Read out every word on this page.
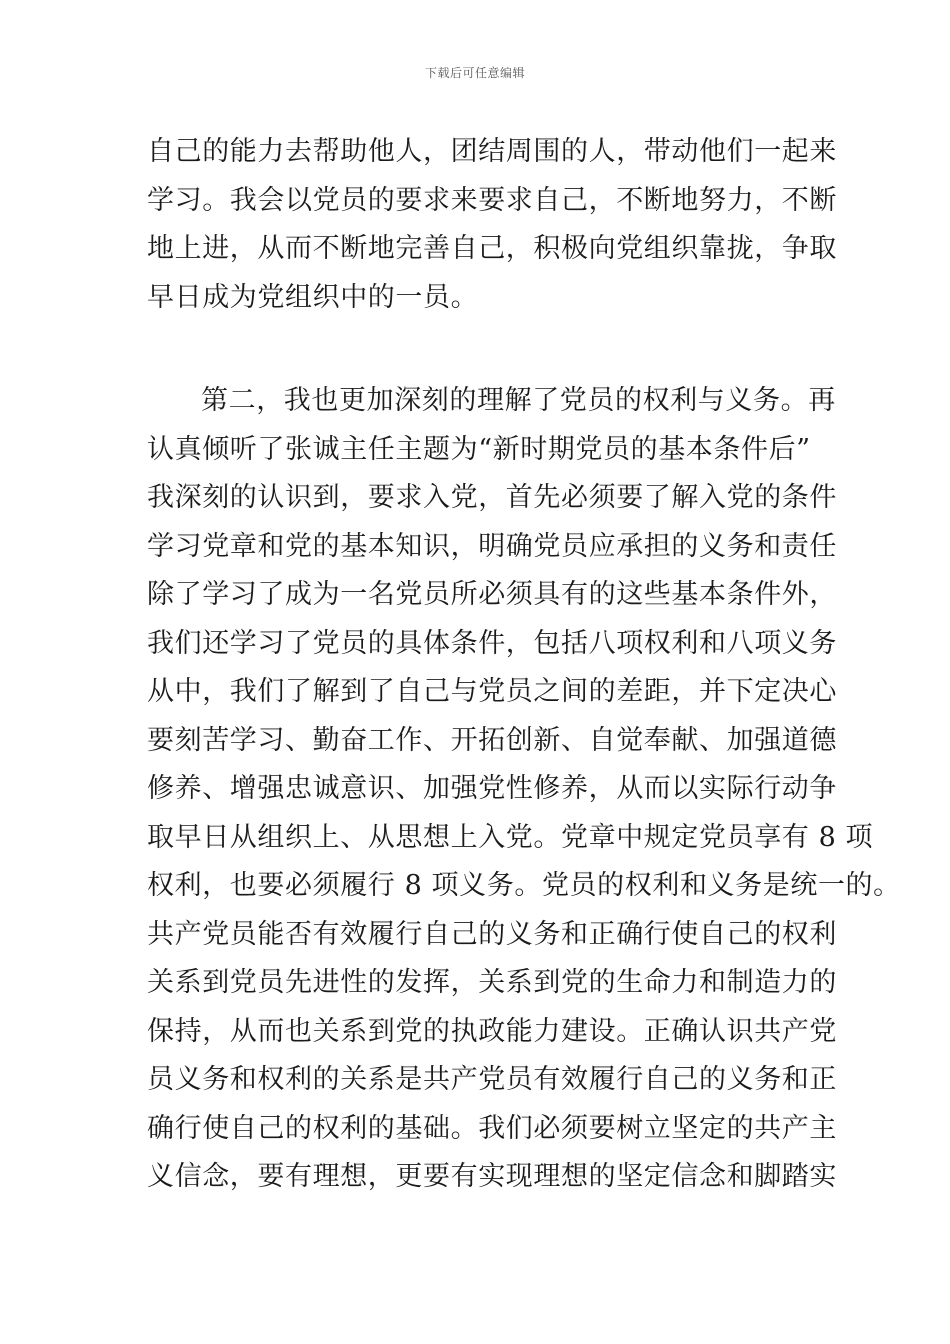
下载后可任意编辑
自己的能力去帮助他人，团结周围的人，带动他们一起来
学习。我会以党员的要求来要求自己，不断地努力，不断
地上进，从而不断地完善自己，积极向党组织靠拢，争取
早日成为党组织中的一员。
第二，我也更加深刻的理解了党员的权利与义务。再
认真倾听了张诚主任主题为“新时期党员的基本条件后”
我深刻的认识到，要求入党，首先必须要了解入党的条件
学习党章和党的基本知识，明确党员应承担的义务和责任
除了学习了成为一名党员所必须具有的这些基本条件外，
我们还学习了党员的具体条件，包括八项权利和八项义务
从中，我们了解到了自己与党员之间的差距，并下定决心
要刻苦学习、勤奋工作、开拓创新、自觉奉献、加强道德
修养、增强忠诚意识、加强党性修养，从而以实际行动争
取早日从组织上、从思想上入党。党章中规定党员享有 8 项
权利，也要必须履行 8 项义务。党员的权利和义务是统一的。
共产党员能否有效履行自己的义务和正确行使自己的权利
关系到党员先进性的发挥，关系到党的生命力和制造力的
保持，从而也关系到党的执政能力建设。正确认识共产党
员义务和权利的关系是共产党员有效履行自己的义务和正
确行使自己的权利的基础。我们必须要树立坚定的共产主
义信念，要有理想，更要有实现理想的坚定信念和脚踏实
